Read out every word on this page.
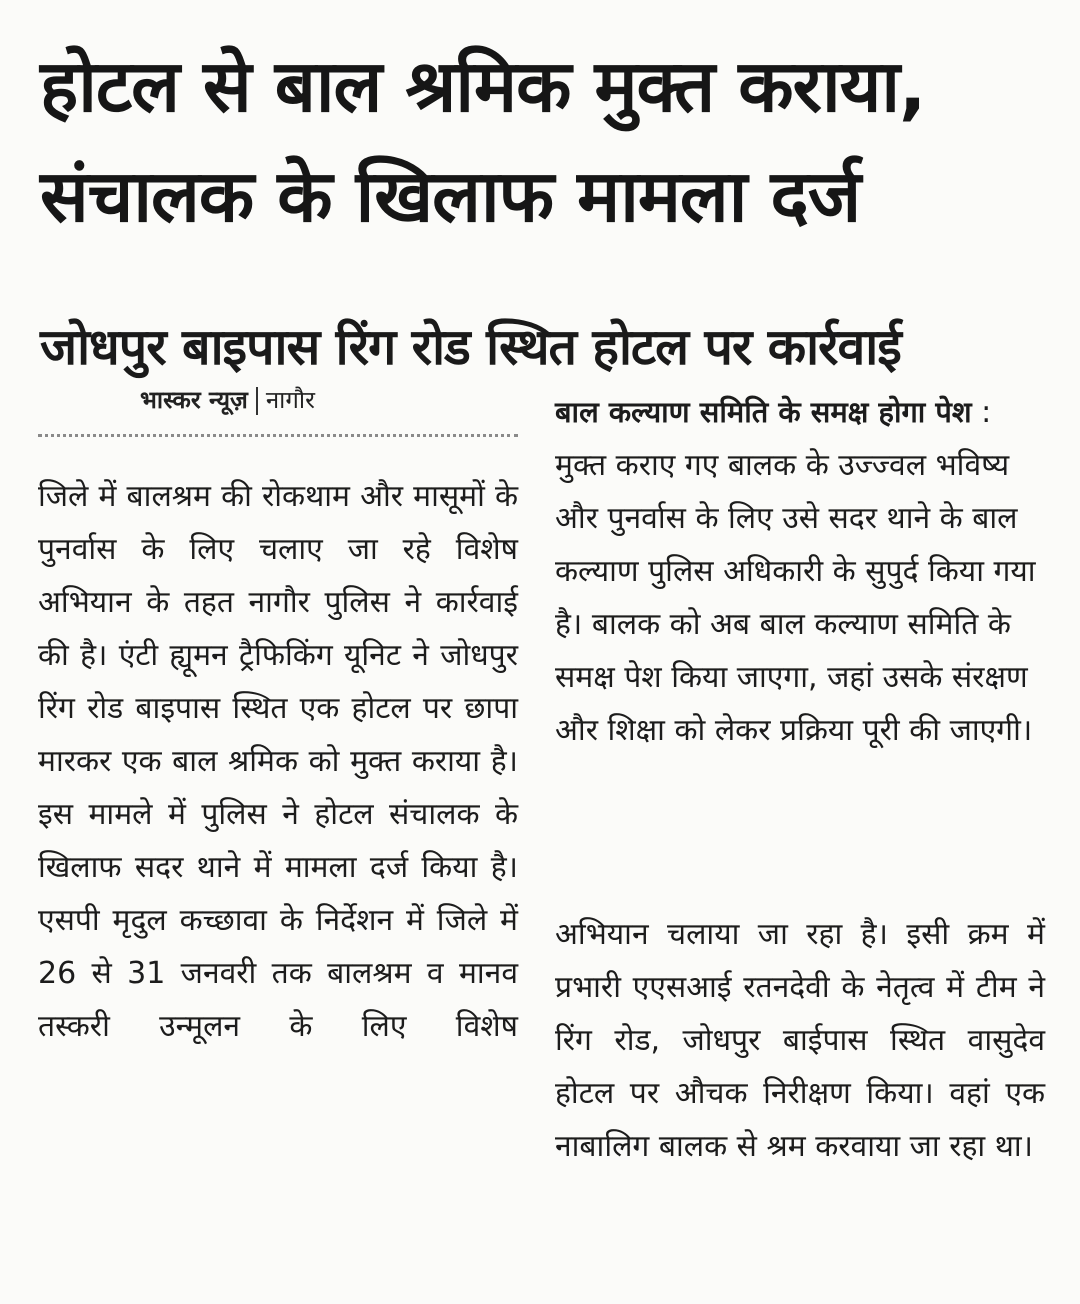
होटल से बाल श्रमिक मुक्त कराया,
संचालक के खिलाफ मामला दर्ज
जोधपुर बाइपास रिंग रोड स्थित होटल पर कार्रवाई
भास्कर न्यूज़ नागौर

जिले में बालश्रम की रोकथाम और मासूमों के पुनर्वास के लिए चलाए जा रहे विशेष अभियान के तहत नागौर पुलिस ने कार्रवाई की है। एंटी ह्यूमन ट्रैफिकिंग यूनिट ने जोधपुर रिंग रोड बाइपास स्थित एक होटल पर छापा मारकर एक बाल श्रमिक को मुक्त कराया है। इस मामले में पुलिस ने होटल संचालक के खिलाफ सदर थाने में मामला दर्ज किया है। एसपी मृदुल कच्छावा के निर्देशन में जिले में 26 से 31 जनवरी तक बालश्रम व मानव तस्करी उन्मूलन के लिए विशेष

बाल कल्याण समिति के समक्ष होगा पेश : मुक्त कराए गए बालक के उज्ज्वल भविष्य और पुनर्वास के लिए उसे सदर थाने के बाल कल्याण पुलिस अधिकारी के सुपुर्द किया गया है। बालक को अब बाल कल्याण समिति के समक्ष पेश किया जाएगा, जहां उसके संरक्षण और शिक्षा को लेकर प्रक्रिया पूरी की जाएगी।

अभियान चलाया जा रहा है। इसी क्रम में प्रभारी एएसआई रतनदेवी के नेतृत्व में टीम ने रिंग रोड, जोधपुर बाईपास स्थित वासुदेव होटल पर औचक निरीक्षण किया। वहां एक नाबालिग बालक से श्रम करवाया जा रहा था।
